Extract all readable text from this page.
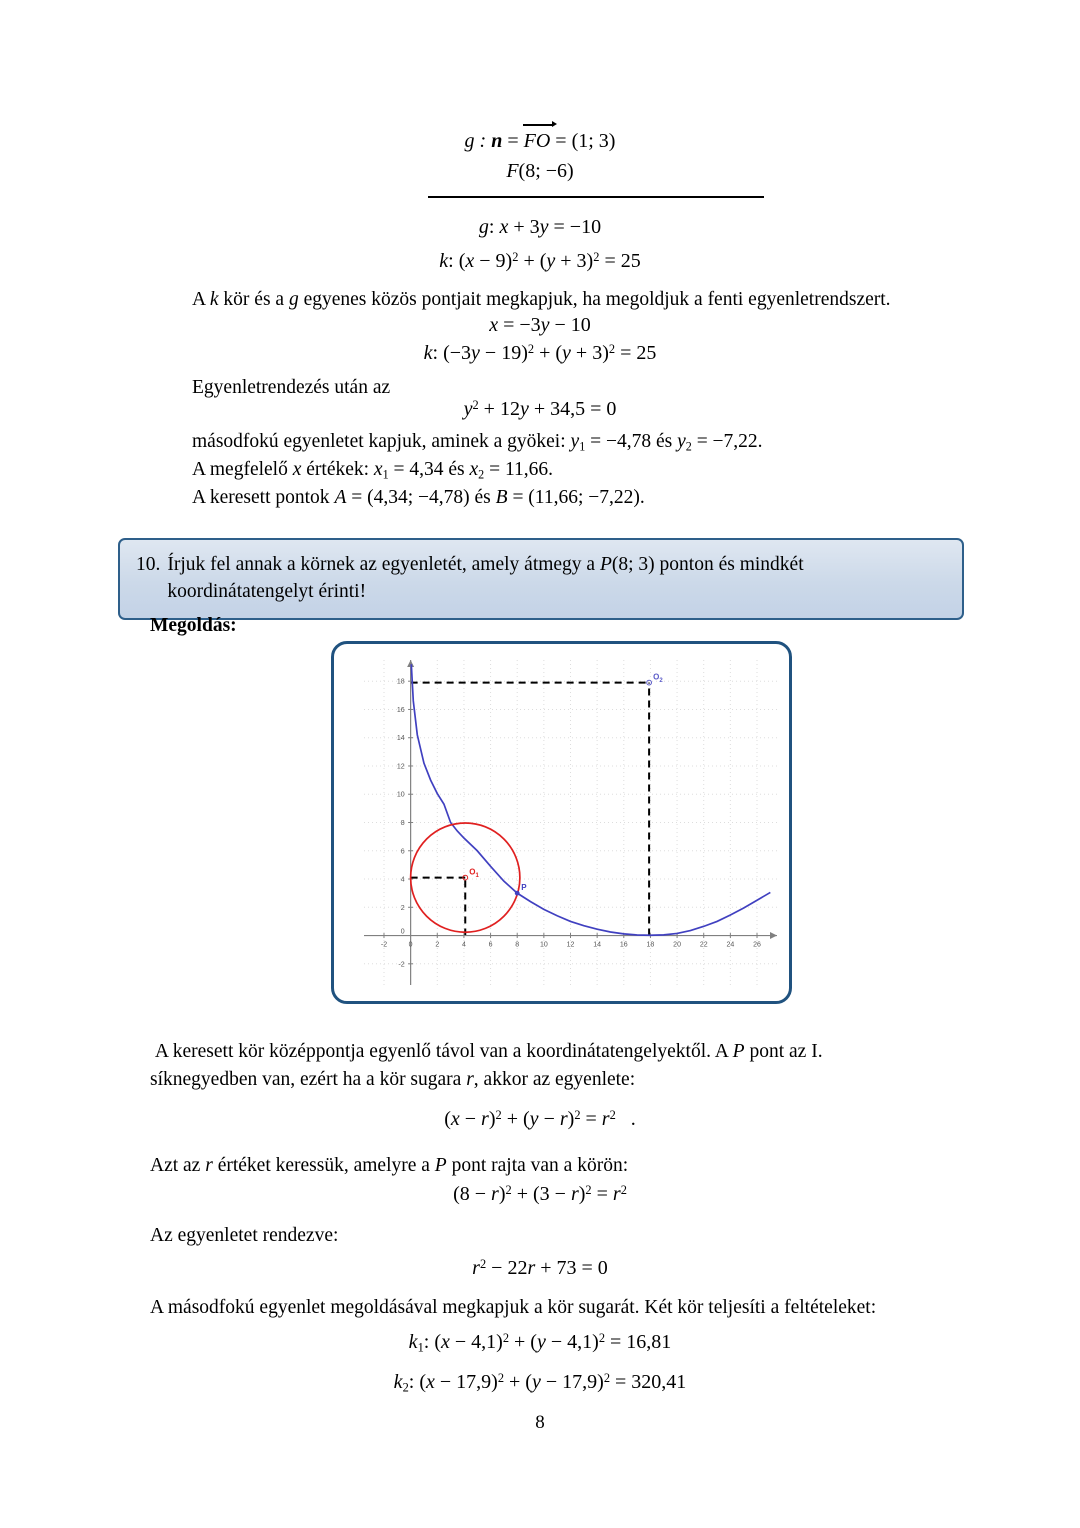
g : n = FO = (1; 3)
F(8; −6)
g: x + 3y = −10
k: $(x - 9)^2 + (y + 3)^2 = 25$
A k kör és a g egyenes közös pontjait megkapjuk, ha megoldjuk a fenti egyenletrendszert.
x = −3y − 10
k: $(-3y - 19)^2 + (y + 3)^2 = 25$
Egyenletrendezés után az
$y^2 + 12y + 34,5 = 0$
másodfokú egyenletet kapjuk, aminek a gyökei: $y_1 = -4,78$ és $y_2 = -7,22$.
A megfelelő x értékek: $x_1 = 4,34$ és $x_2 = 11,66$.
A keresett pontok A = (4,34; −4,78) és B = (11,66; −7,22).
10. Írjuk fel annak a körnek az egyenletét, amely átmegy a P(8; 3) ponton és mindkét
koordinátatengelyt érinti!
Megoldás:
$O_1$
$O_2$
P
-2	0	2	4	6	8	10	12	14	16	18	20	22	24	26
-2
0
2
4
6
8
10
12
14
16
18
A keresett kör középpontja egyenlő távol van a koordinátatengelyektől. A P pont az I.
síknegyedben van, ezért ha a kör sugara r, akkor az egyenlete:
$(x - r)^2 + (y - r)^2 = r^2$ .
Azt az r értéket keressük, amelyre a P pont rajta van a körön:
$(8 - r)^2 + (3 - r)^2 = r^2$
Az egyenletet rendezve:
$r^2 - 22r + 73 = 0$
A másodfokú egyenlet megoldásával megkapjuk a kör sugarát. Két kör teljesíti a feltételeket:
$k_1$: $(x - 4,1)^2 + (y - 4,1)^2 = 16,81$
$k_2$: $(x - 17,9)^2 + (y - 17,9)^2 = 320,41$
8
